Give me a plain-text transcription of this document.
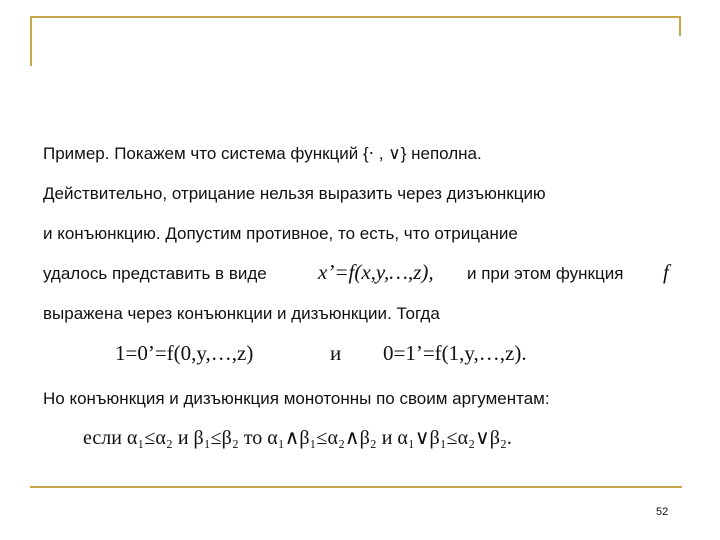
Пример. Покажем что система функций {⋅ , ∨} неполна.
Действительно, отрицание нельзя выразить через дизъюнкцию
и конъюнкцию. Допустим противное, то есть, что отрицание
удалось представить в виде x’=f(x,y,…,z), и при этом функция f
выражена через конъюнкции и дизъюнкции. Тогда
1=0’=f(0,y,…,z)	и 0=1’=f(1,y,…,z).
Но конъюнкция и дизъюнкция монотонны по своим аргументам:
если α₁≤α₂ и β₁≤β₂ то α₁∧β₁≤α₂∧β₂ и α₁∨β₁≤α₂∨β₂.
52
